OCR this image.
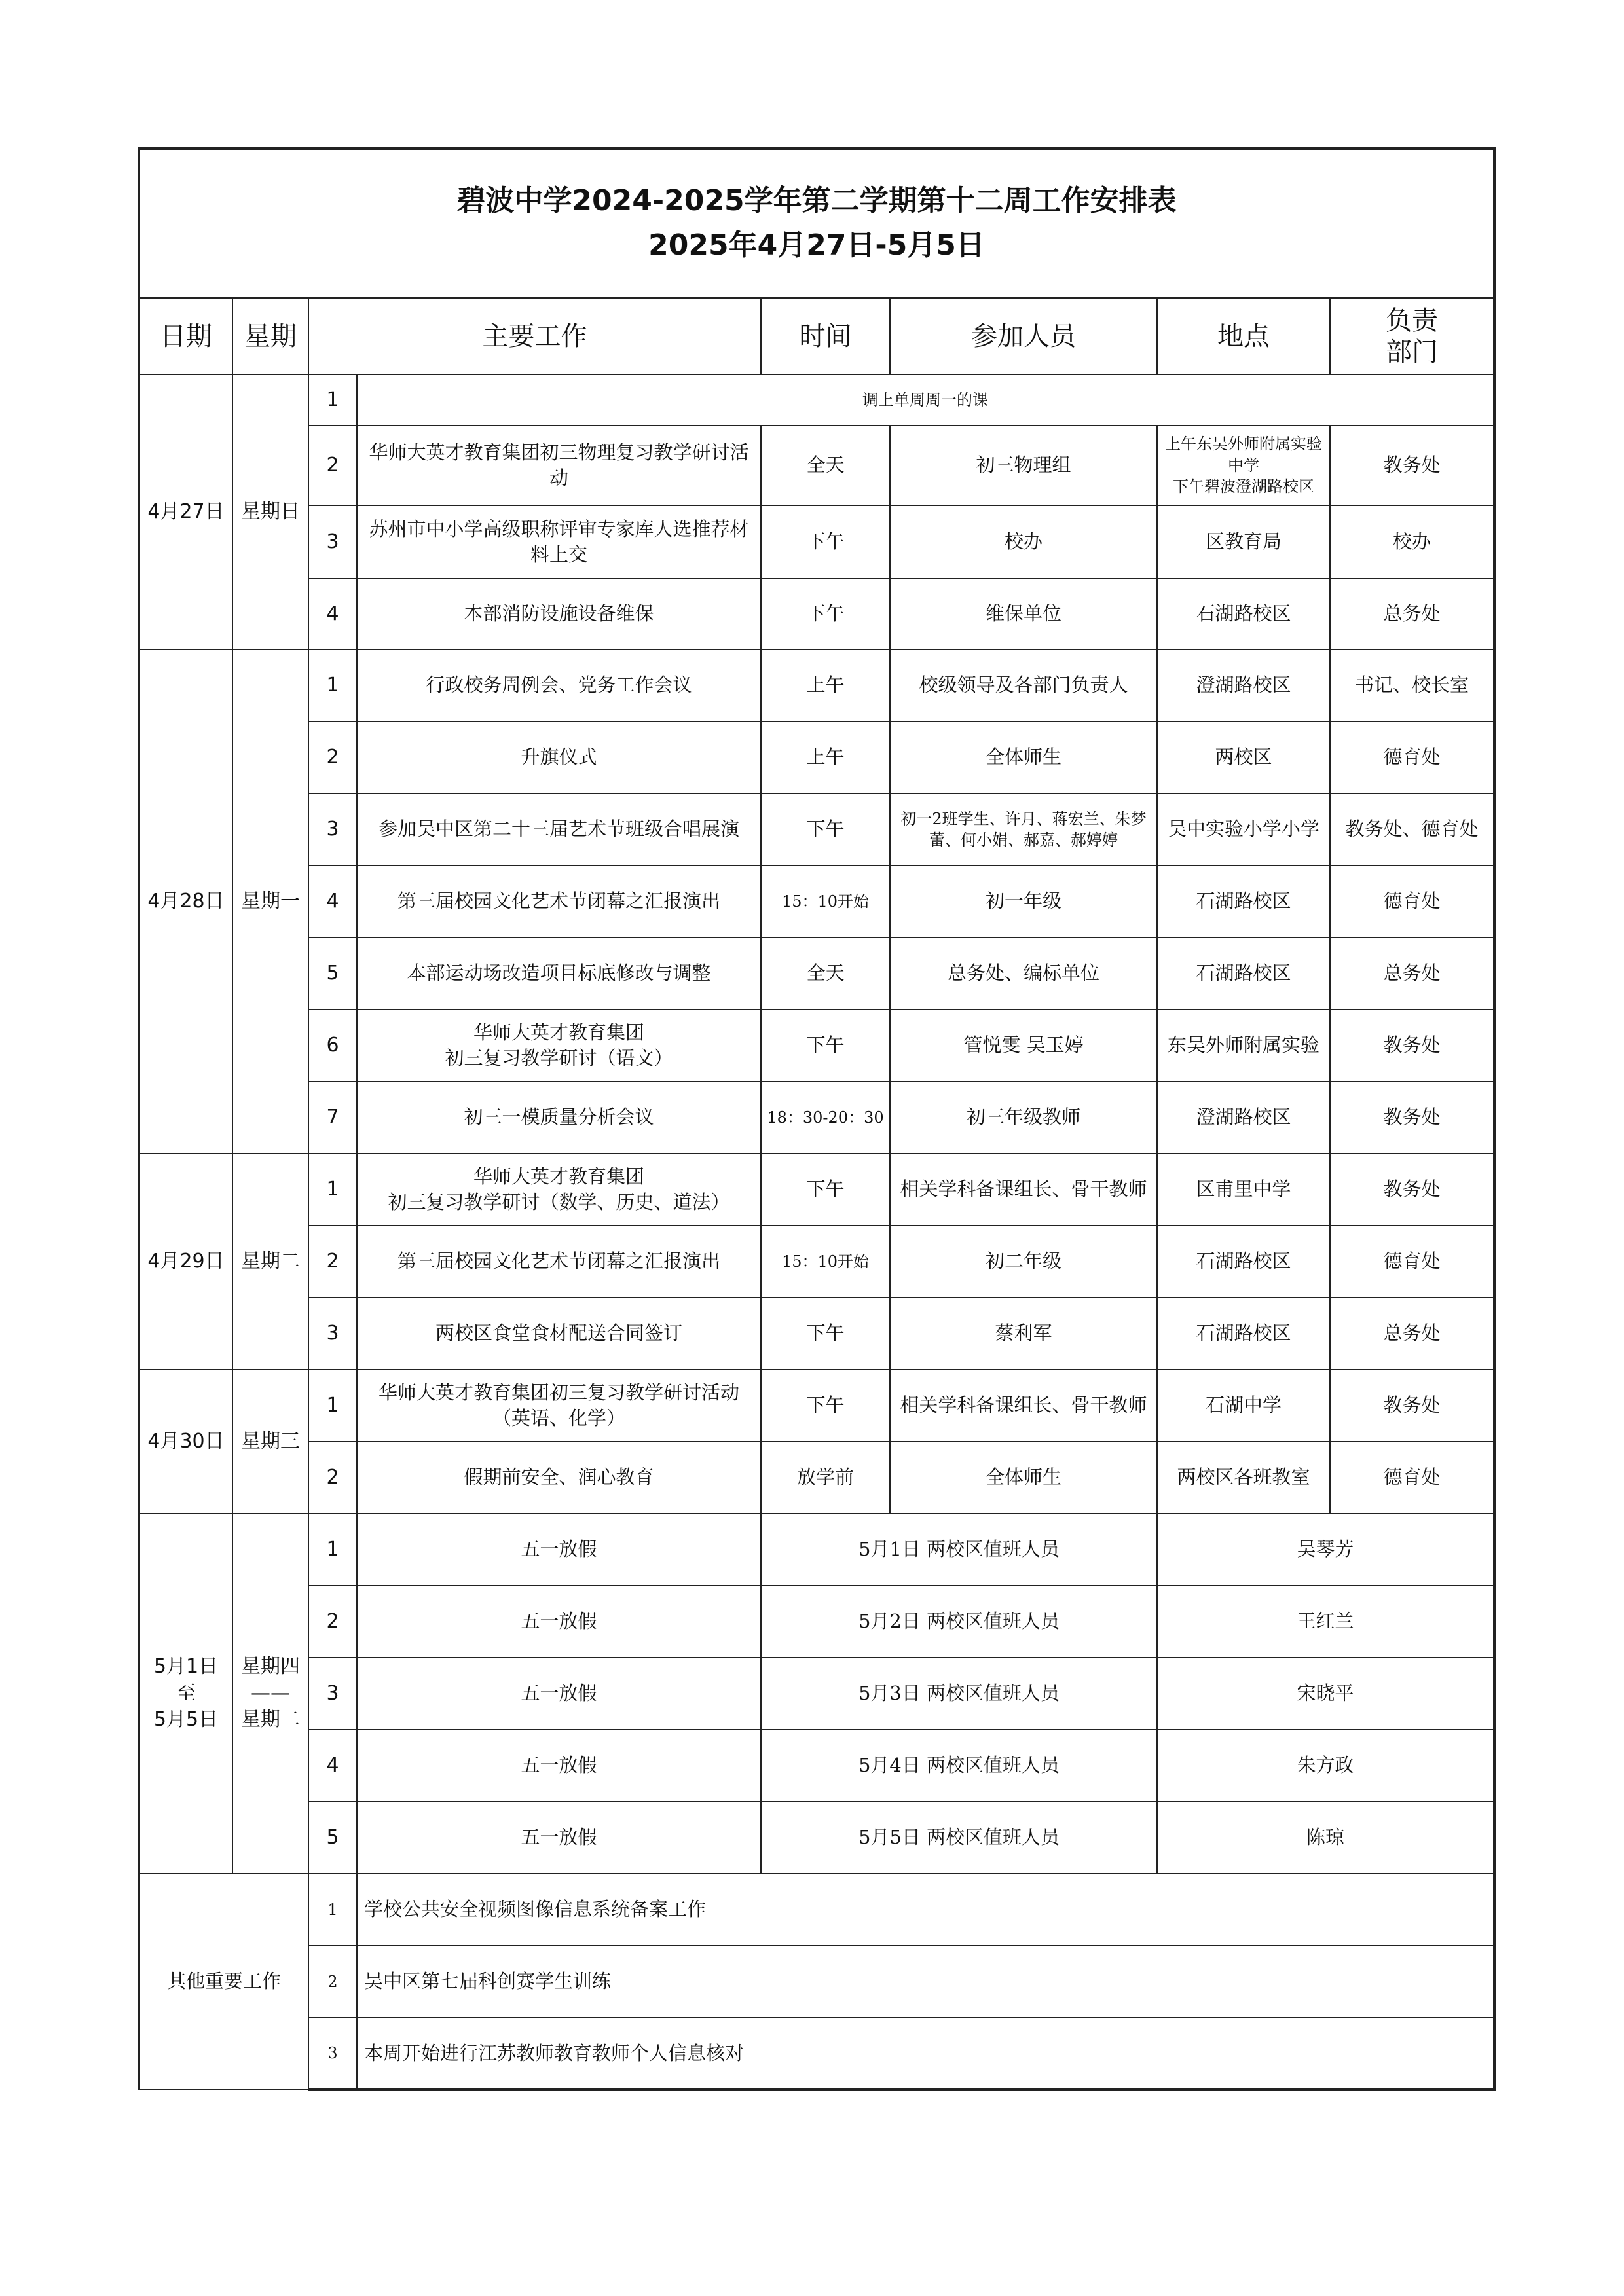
碧波中学2024-2025学年第二学期第十二周工作安排表
2025年4月27日-5月5日							

日期	星期	主要工作		时间	参加人员	地点	负责
部门

4月27日	星期日	1	调上单周周一的课				
		2	华师大英才教育集团初三物理复习教学研讨活动	全天	初三物理组	上午东吴外师附属实验中学
下午碧波澄湖路校区	教务处
		3	苏州市中小学高级职称评审专家库人选推荐材料上交	下午	校办	区教育局	校办
		4	本部消防设施设备维保	下午	维保单位	石湖路校区	总务处
4月28日	星期一	1	行政校务周例会、党务工作会议	上午	校级领导及各部门负责人	澄湖路校区	书记、校长室
		2	升旗仪式	上午	全体师生	两校区	德育处
		3	参加吴中区第二十三届艺术节班级合唱展演	下午	初一2班学生、许月、蒋宏兰、朱梦蕾、何小娟、郝嘉、郝婷婷	吴中实验小学小学	教务处、德育处
		4	第三届校园文化艺术节闭幕之汇报演出	15：10开始	初一年级	石湖路校区	德育处
		5	本部运动场改造项目标底修改与调整	全天	总务处、编标单位	石湖路校区	总务处
		6	华师大英才教育集团
初三复习教学研讨（语文）	下午	管悦雯 吴玉婷	东吴外师附属实验	教务处
		7	初三一模质量分析会议	18：30-20：30	初三年级教师	澄湖路校区	教务处
4月29日	星期二	1	华师大英才教育集团
初三复习教学研讨（数学、历史、道法）	下午	相关学科备课组长、骨干教师	区甫里中学	教务处
		2	第三届校园文化艺术节闭幕之汇报演出	15：10开始	初二年级	石湖路校区	德育处
		3	两校区食堂食材配送合同签订	下午	蔡利军	石湖路校区	总务处
4月30日	星期三	1	华师大英才教育集团初三复习教学研讨活动
（英语、化学）	下午	相关学科备课组长、骨干教师	石湖中学	教务处
		2	假期前安全、润心教育	放学前	全体师生	两校区各班教室	德育处

5月1日至
5月5日	星期四
——
星期二	1	五一放假	5月1日 两校区值班人员		吴琴芳	
		2	五一放假	5月2日 两校区值班人员		王红兰	
		3	五一放假	5月3日 两校区值班人员		宋晓平	
		4	五一放假	5月4日 两校区值班人员		朱方政	
		5	五一放假	5月5日 两校区值班人员		陈琼	
其他重要工作		1	学校公共安全视频图像信息系统备案工作				
		2	吴中区第七届科创赛学生训练				
		3	本周开始进行江苏教师教育教师个人信息核对				
